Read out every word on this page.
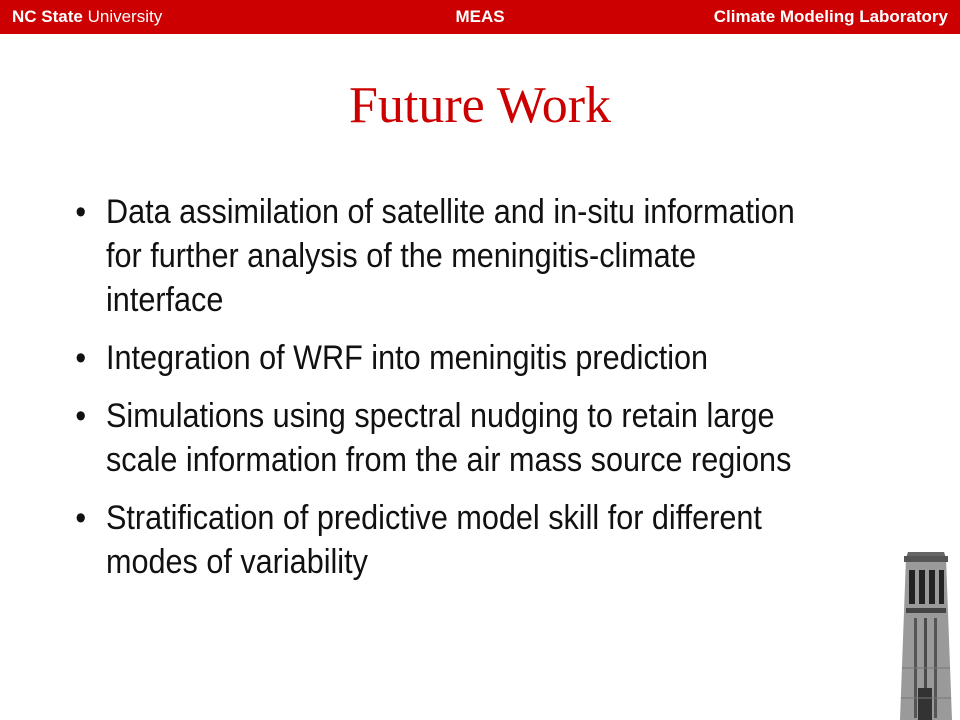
NC State University	MEAS	Climate Modeling Laboratory
Future Work
• Data assimilation of satellite and in-situ information for further analysis of the meningitis-climate interface
• Integration of WRF into meningitis prediction
• Simulations using spectral nudging to retain large scale information from the air mass source regions
• Stratification of predictive model skill for different modes of variability
